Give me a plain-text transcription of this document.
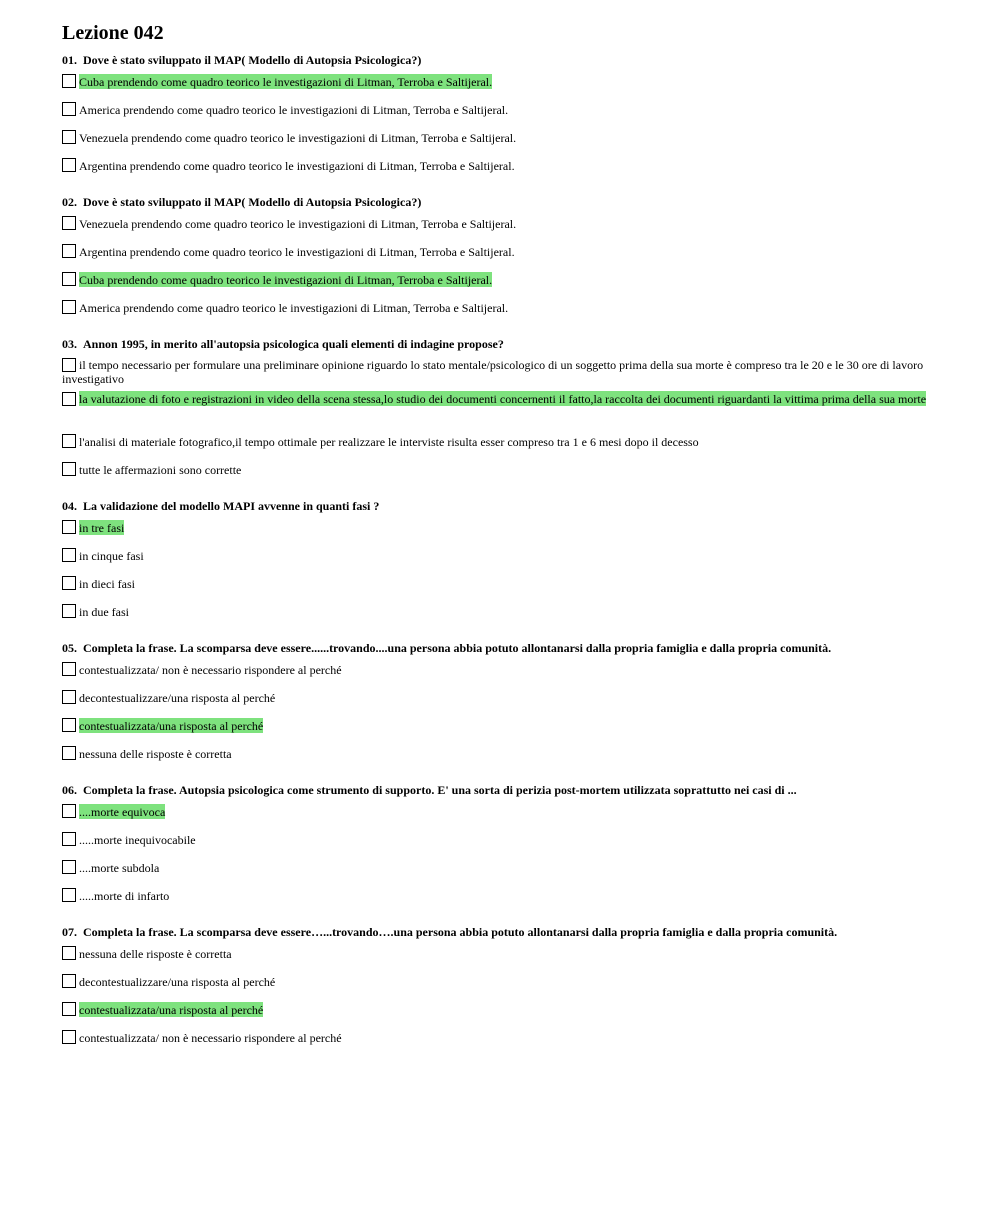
Lezione 042
01. Dove è stato sviluppato il MAP( Modello di Autopsia Psicologica?)
Cuba prendendo come quadro teorico le investigazioni di Litman, Terroba e Saltijeral.
America prendendo come quadro teorico le investigazioni di Litman, Terroba e Saltijeral.
Venezuela prendendo come quadro teorico le investigazioni di Litman, Terroba e Saltijeral.
Argentina prendendo come quadro teorico le investigazioni di Litman, Terroba e Saltijeral.
02. Dove è stato sviluppato il MAP( Modello di Autopsia Psicologica?)
Venezuela prendendo come quadro teorico le investigazioni di Litman, Terroba e Saltijeral.
Argentina prendendo come quadro teorico le investigazioni di Litman, Terroba e Saltijeral.
Cuba prendendo come quadro teorico le investigazioni di Litman, Terroba e Saltijeral.
America prendendo come quadro teorico le investigazioni di Litman, Terroba e Saltijeral.
03. Annon 1995, in merito all'autopsia psicologica quali elementi di indagine propose?
il tempo necessario per formulare una preliminare opinione riguardo lo stato mentale/psicologico di un soggetto prima della sua morte è compreso tra le 20 e le 30 ore di lavoro investigativo
la valutazione di foto e registrazioni in video della scena stessa,lo studio dei documenti concernenti il fatto,la raccolta dei documenti riguardanti la vittima prima della sua morte
l'analisi di materiale fotografico,il tempo ottimale per realizzare le interviste risulta esser compreso tra 1 e 6 mesi dopo il decesso
tutte le affermazioni sono corrette
04. La validazione del modello MAPI avvenne in quanti fasi ?
in tre fasi
in cinque fasi
in dieci fasi
in due fasi
05. Completa la frase. La scomparsa deve essere......trovando....una persona abbia potuto allontanarsi dalla propria famiglia e dalla propria comunità.
contestualizzata/ non è necessario rispondere al perché
decontestualizzare/una risposta al perché
contestualizzata/una risposta al perché
nessuna delle risposte è corretta
06. Completa la frase. Autopsia psicologica come strumento di supporto. E' una sorta di perizia post-mortem utilizzata soprattutto nei casi di ...
....morte equivoca
.....morte inequivocabile
....morte subdola
.....morte di infarto
07. Completa la frase. La scomparsa deve essere…...trovando….una persona abbia potuto allontanarsi dalla propria famiglia e dalla propria comunità.
nessuna delle risposte è corretta
decontestualizzare/una risposta al perché
contestualizzata/una risposta al perché
contestualizzata/ non è necessario rispondere al perché
